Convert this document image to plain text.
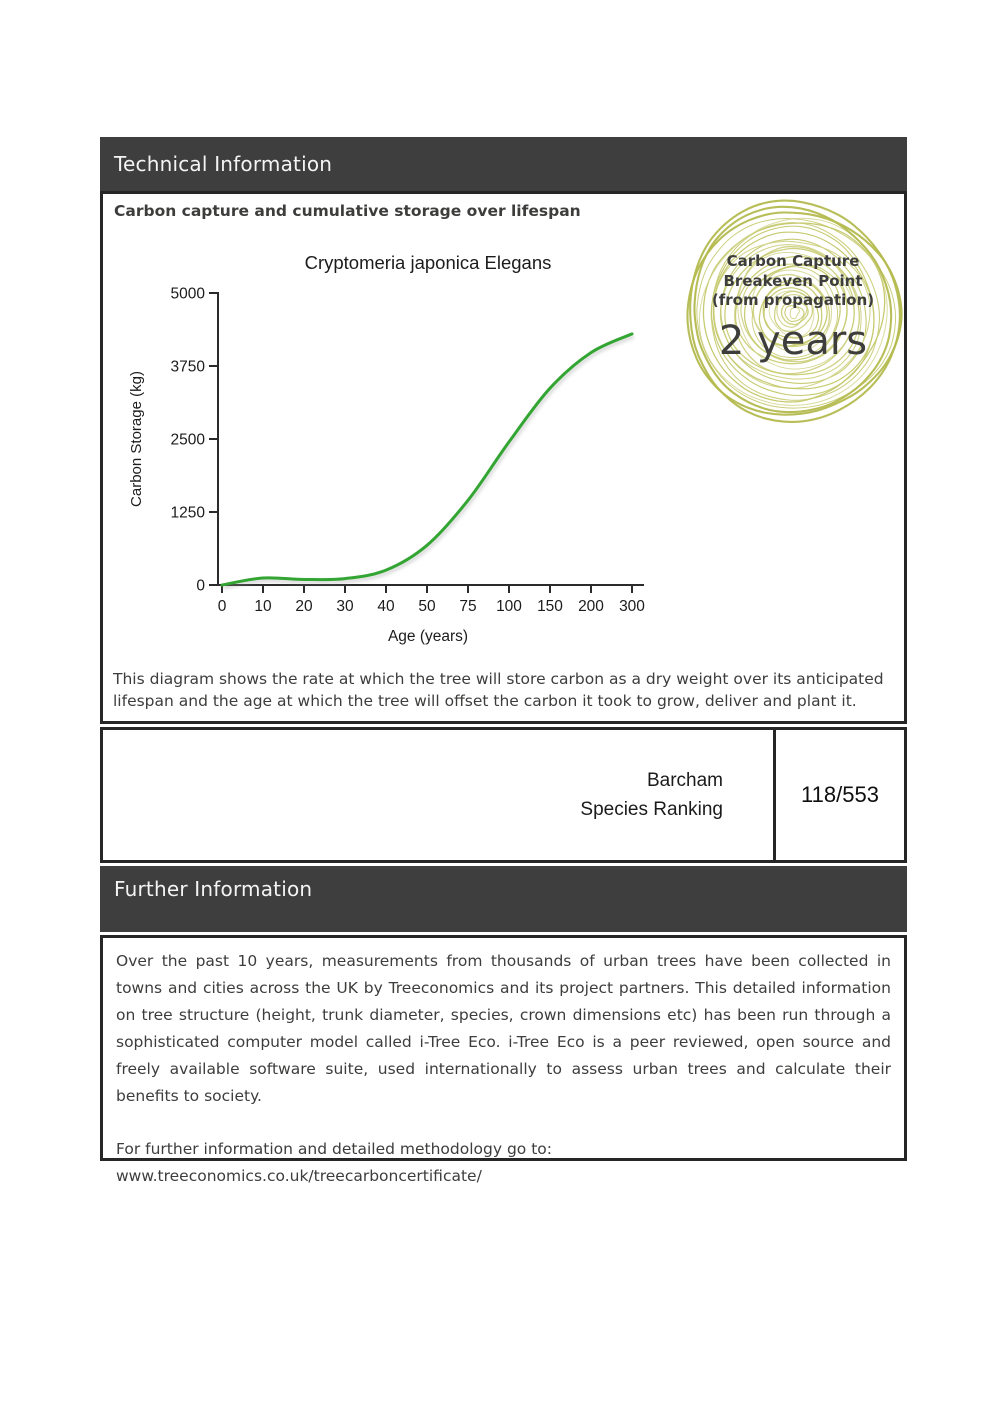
Technical Information
Carbon capture and cumulative storage over lifespan
Cryptomeria japonica Elegans
0
1250
2500
3750
5000
0 10 20 30 40 50 75 100 150 200 300
Age (years)
Carbon Storage (kg)
Carbon Capture
Breakeven Point
(from propagation)
2 years
This diagram shows the rate at which the tree will store carbon as a dry weight over its anticipated lifespan and the age at which the tree will offset the carbon it took to grow, deliver and plant it.
Barcham
Species Ranking
118/553
Further Information
Over the past 10 years, measurements from thousands of urban trees have been collected in towns and cities across the UK by Treeconomics and its project partners. This detailed information on tree structure (height, trunk diameter, species, crown dimensions etc) has been run through a sophisticated computer model called i-Tree Eco. i-Tree Eco is a peer reviewed, open source and freely available software suite, used internationally to assess urban trees and calculate their benefits to society.
For further information and detailed methodology go to: www.treeconomics.co.uk/treecarboncertificate/
